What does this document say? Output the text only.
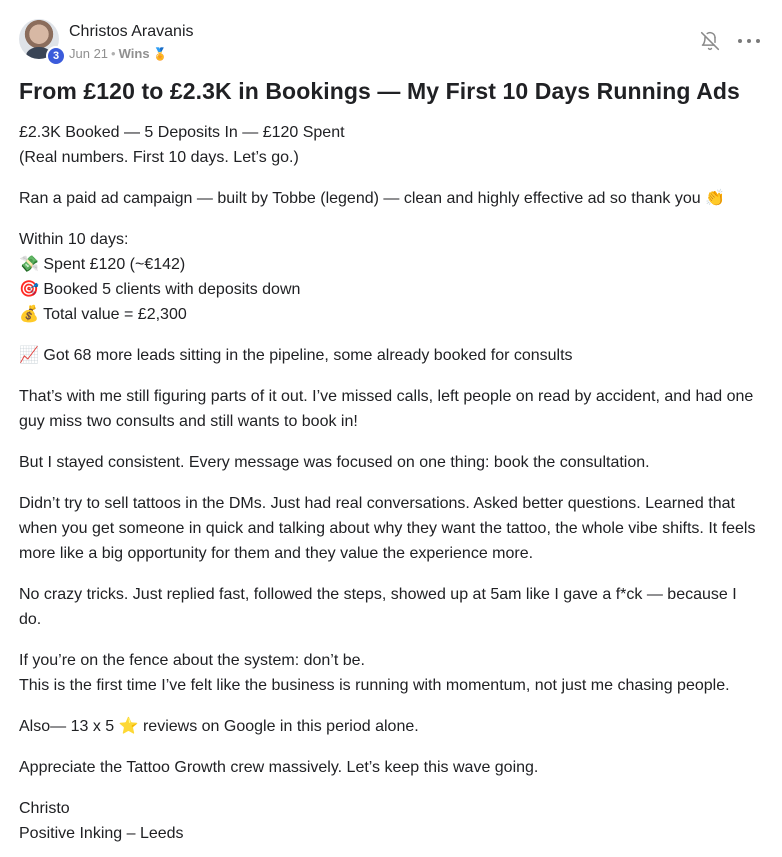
3
Christos Aravanis
Jun 21 • Wins 🏅
From £120 to £2.3K in Bookings — My First 10 Days Running Ads

£2.3K Booked — 5 Deposits In — £120 Spent
(Real numbers. First 10 days. Let’s go.)

Ran a paid ad campaign — built by Tobbe (legend) — clean and highly effective ad so thank you 👏

Within 10 days:
💸 Spent £120 (~€142)
🎯 Booked 5 clients with deposits down
💰 Total value = £2,300

📈 Got 68 more leads sitting in the pipeline, some already booked for consults

That’s with me still figuring parts of it out. I’ve missed calls, left people on read by accident, and had one guy miss two consults and still wants to book in!

But I stayed consistent. Every message was focused on one thing: book the consultation.

Didn’t try to sell tattoos in the DMs. Just had real conversations. Asked better questions. Learned that when you get someone in quick and talking about why they want the tattoo, the whole vibe shifts. It feels more like a big opportunity for them and they value the experience more.

No crazy tricks. Just replied fast, followed the steps, showed up at 5am like I gave a f*ck — because I do.

If you’re on the fence about the system: don’t be.
This is the first time I’ve felt like the business is running with momentum, not just me chasing people.

Also— 13 x 5 ⭐ reviews on Google in this period alone.

Appreciate the Tattoo Growth crew massively. Let’s keep this wave going.

Christo
Positive Inking – Leeds
